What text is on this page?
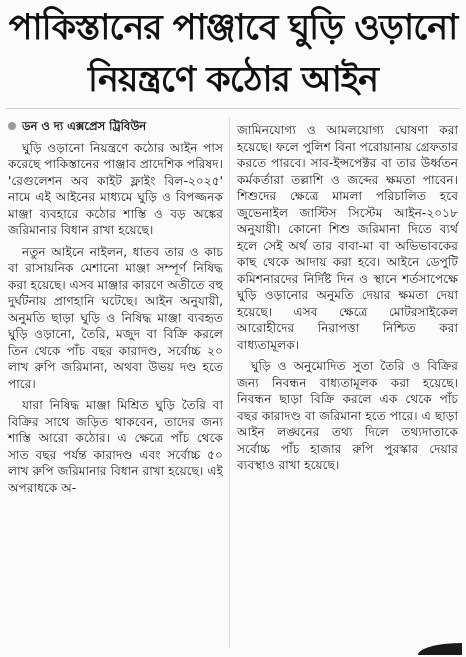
পাকিস্তানের পাঞ্জাবে ঘুড়ি ওড়ানো
নিয়ন্ত্রণে কঠোর আইন
ডন ও দ্য এক্সপ্রেস ট্রিবিউন

ঘুড়ি ওড়ানো নিয়ন্ত্রণে কঠোর আইন পাস করেছে পাকিস্তানের পাঞ্জাব প্রাদেশিক পরিষদ। 'রেগুলেশন অব কাইট ফ্লাইং বিল-২০২৫' নামে এই আইনের মাধ্যমে ঘুড়ি ও বিপজ্জনক মাঞ্জা ব্যবহারে কঠোর শাস্তি ও বড় অঙ্কের জরিমানার বিধান রাখা হয়েছে।

নতুন আইনে নাইলন, ধাতব তার ও কাচ বা রাসায়নিক মেশানো মাঞ্জা সম্পূর্ণ নিষিদ্ধ করা হয়েছে। এসব মাঞ্জার কারণে অতীতে বহু দুর্ঘটনায় প্রাণহানি ঘটেছে। আইন অনুযায়ী, অনুমতি ছাড়া ঘুড়ি ও নিষিদ্ধ মাঞ্জা ব্যবহৃত ঘুড়ি ওড়ানো, তৈরি, মজুদ বা বিক্রি করলে তিন থেকে পাঁচ বছর কারাদণ্ড, সর্বোচ্চ ২০ লাখ রুপি জরিমানা, অথবা উভয় দণ্ড হতে পারে।

যারা নিষিদ্ধ মাঞ্জা মিশ্রিত ঘুড়ি তৈরি বা বিক্রির সাথে জড়িত থাকবেন, তাদের জন্য শাস্তি আরো কঠোর। এ ক্ষেত্রে পাঁচ থেকে সাত বছর পর্যন্ত কারাদণ্ড এবং সর্বোচ্চ ৫০ লাখ রুপি জরিমানার বিধান রাখা হয়েছে। এই অপরাধকে অ-

জামিনযোগ্য ও আমলযোগ্য ঘোষণা করা হয়েছে। ফলে পুলিশ বিনা পরোয়ানায় গ্রেফতার করতে পারবে। সাব-ইন্সপেক্টর বা তার উর্ধ্বতন কর্মকর্তারা তল্লাশি ও জব্দের ক্ষমতা পাবেন। শিশুদের ক্ষেত্রে মামলা পরিচালিত হবে জুভেনাইল জাস্টিস সিস্টেম আইন-২০১৮ অনুযায়ী। কোনো শিশু জরিমানা দিতে ব্যর্থ হলে সেই অর্থ তার বাবা-মা বা অভিভাবকের কাছ থেকে আদায় করা হবে। আইনে ডেপুটি কমিশনারদের নির্দিষ্ট দিন ও স্থানে শর্তসাপেক্ষে ঘুড়ি ওড়ানোর অনুমতি দেয়ার ক্ষমতা দেয়া হয়েছে। এসব ক্ষেত্রে মোটরসাইকেল আরোহীদের নিরাপত্তা নিশ্চিত করা বাধ্যতামূলক।

ঘুড়ি ও অনুমোদিত সুতা তৈরি ও বিক্রির জন্য নিবন্ধন বাধ্যতামূলক করা হয়েছে। নিবন্ধন ছাড়া বিক্রি করলে এক থেকে পাঁচ বছর কারাদণ্ড বা জরিমানা হতে পারে। এ ছাড়া আইন লঙ্ঘনের তথ্য দিলে তথ্যদাতাকে সর্বোচ্চ পাঁচ হাজার রুপি পুরস্কার দেয়ার ব্যবস্থাও রাখা হয়েছে।
